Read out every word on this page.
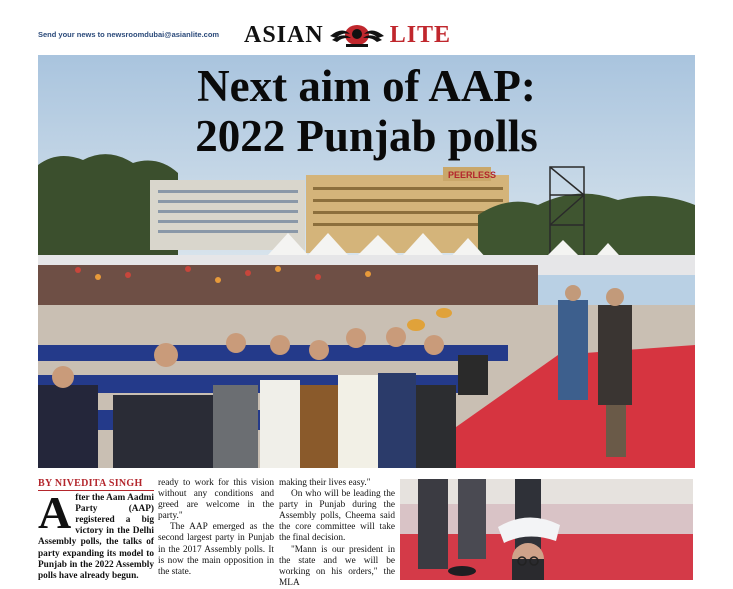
Send your news to newsroomdubai@asianlite.com ASIAN	LITE
PEERLESS
Next aim of AAP:
2022 Punjab polls
BY NIVEDITA SINGH
After the Aam Aadmi Party (AAP) registered a big victory in the Delhi Assembly polls, the talks of party expanding its model to Punjab in the 2022 Assembly polls have already begun.

ready to work for this vision without any conditions and greed are welcome in the party."

The AAP emerged as the second largest party in Punjab in the 2017 Assembly polls. It is now the main opposition in the state.

making their lives easy."

On who will be leading the party in Punjab during the Assembly polls, Cheema said the core committee will take the final decision.

"Mann is our president in the state and we will be working on his orders," the MLA
